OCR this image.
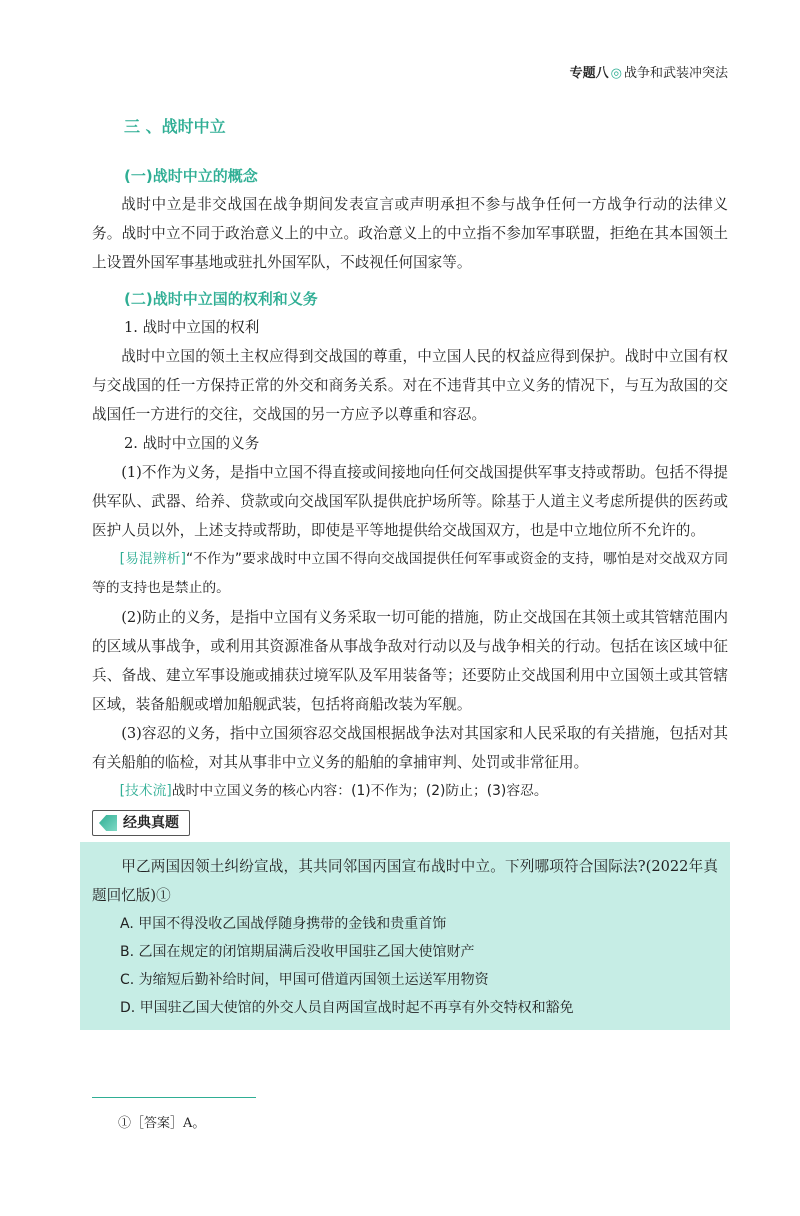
专题八 ◎ 战争和武装冲突法
三 、战时中立
(一)战时中立的概念

战时中立是非交战国在战争期间发表宣言或声明承担不参与战争任何一方战争行动的法律义务。战时中立不同于政治意义上的中立。政治意义上的中立指不参加军事联盟，拒绝在其本国领土上设置外国军事基地或驻扎外国军队，不歧视任何国家等。

(二)战时中立国的权利和义务
1. 战时中立国的权利

战时中立国的领土主权应得到交战国的尊重，中立国人民的权益应得到保护。战时中立国有权与交战国的任一方保持正常的外交和商务关系。对在不违背其中立义务的情况下，与互为敌国的交战国任一方进行的交往，交战国的另一方应予以尊重和容忍。

2. 战时中立国的义务

(1)不作为义务，是指中立国不得直接或间接地向任何交战国提供军事支持或帮助。包括不得提供军队、武器、给养、贷款或向交战国军队提供庇护场所等。除基于人道主义考虑所提供的医药或医护人员以外，上述支持或帮助，即使是平等地提供给交战国双方，也是中立地位所不允许的。

[易混辨析]“不作为”要求战时中立国不得向交战国提供任何军事或资金的支持，哪怕是对交战双方同等的支持也是禁止的。

(2)防止的义务，是指中立国有义务采取一切可能的措施，防止交战国在其领土或其管辖范围内的区域从事战争，或利用其资源准备从事战争敌对行动以及与战争相关的行动。包括在该区域中征兵、备战、建立军事设施或捕获过境军队及军用装备等；还要防止交战国利用中立国领土或其管辖区域，装备船舰或增加船舰武装，包括将商船改装为军舰。

(3)容忍的义务，指中立国须容忍交战国根据战争法对其国家和人民采取的有关措施，包括对其有关船舶的临检，对其从事非中立义务的船舶的拿捕审判、处罚或非常征用。

[技术流]战时中立国义务的核心内容：(1)不作为；(2)防止；(3)容忍。

经典真题

甲乙两国因领土纠纷宣战，其共同邻国丙国宣布战时中立。下列哪项符合国际法?(2022年真题回忆版)①

A. 甲国不得没收乙国战俘随身携带的金钱和贵重首饰
B. 乙国在规定的闭馆期届满后没收甲国驻乙国大使馆财产
C. 为缩短后勤补给时间，甲国可借道丙国领土运送军用物资
D. 甲国驻乙国大使馆的外交人员自两国宣战时起不再享有外交特权和豁免
①［答案］A。
